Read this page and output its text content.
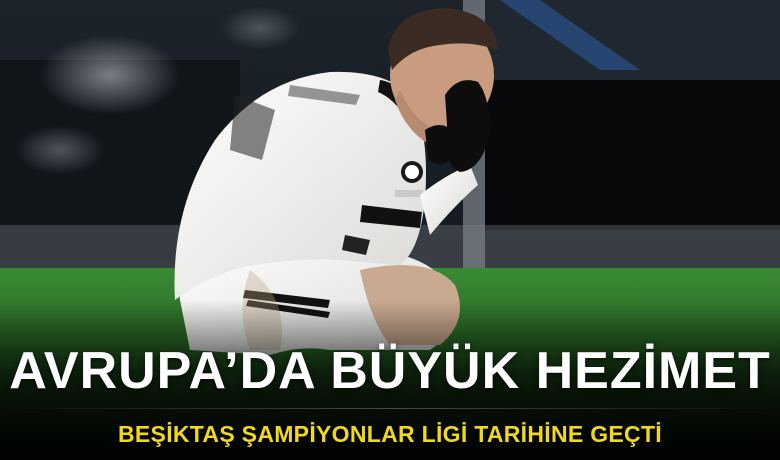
AVRUPA’DA BÜYÜK HEZİMET
BEŞİKTAŞ ŞAMPİYONLAR LİGİ TARİHİNE GEÇTİ
